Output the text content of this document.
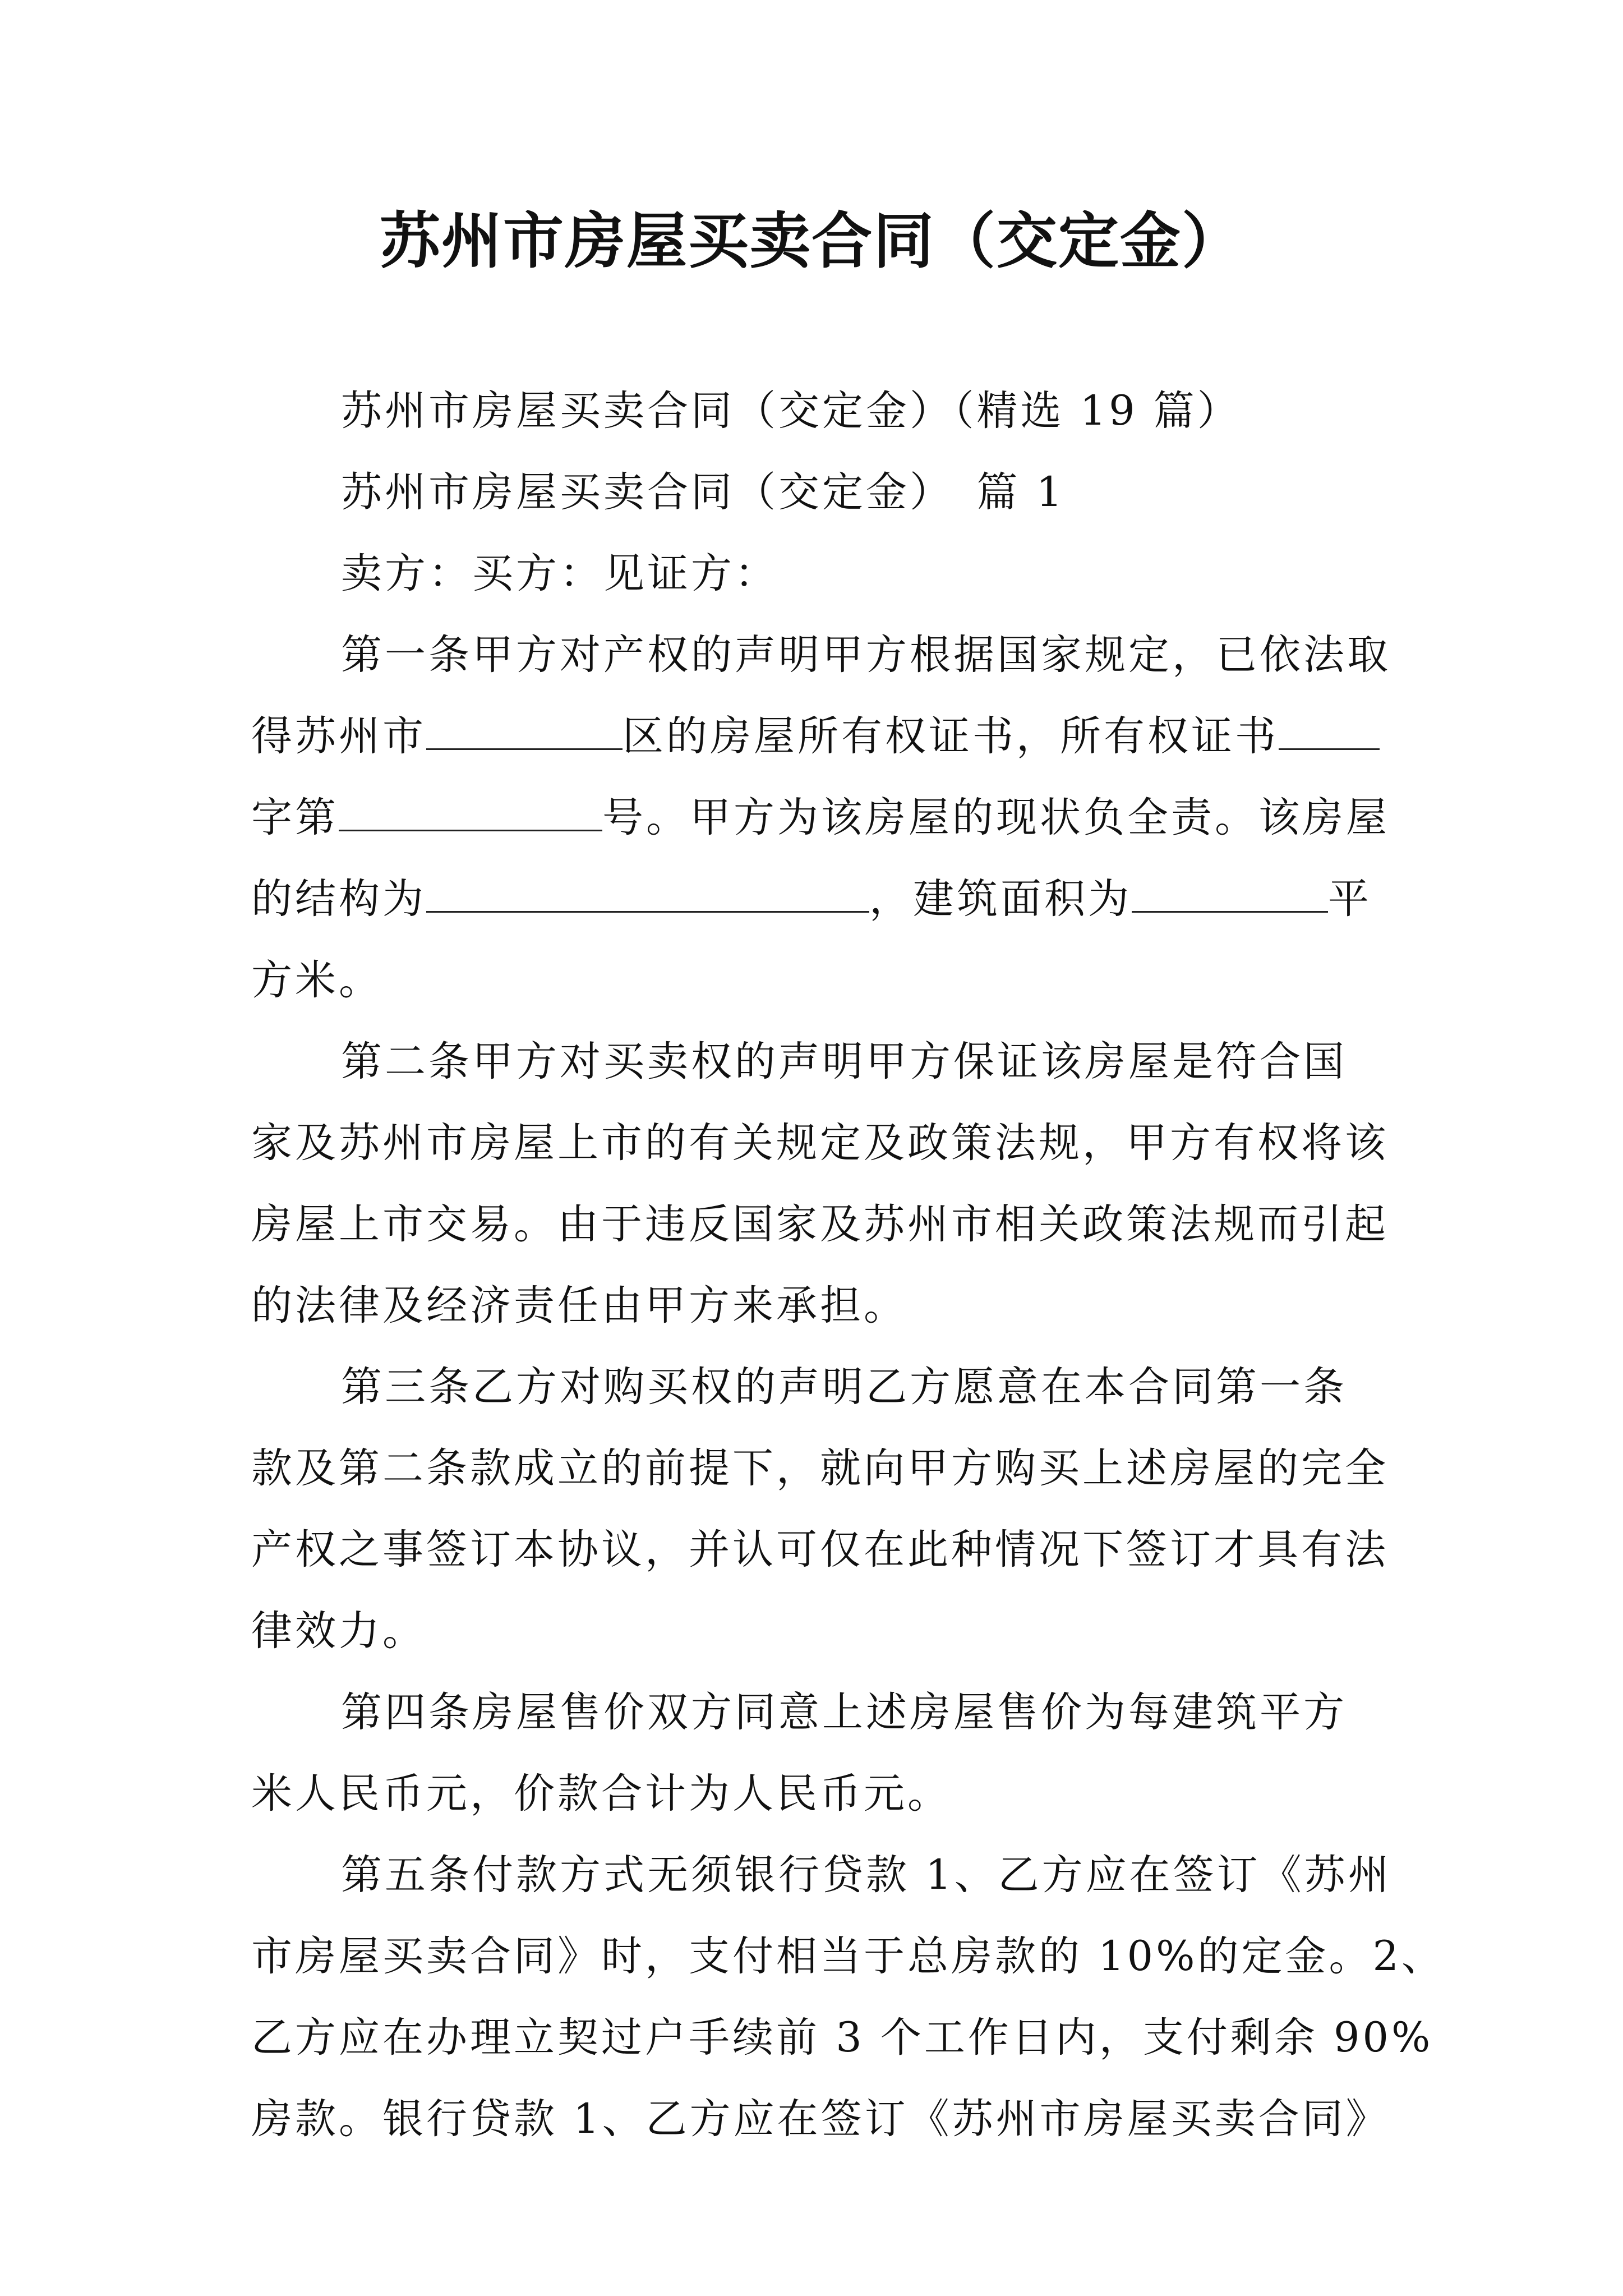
苏州市房屋买卖合同（交定金）

苏州市房屋买卖合同（交定金）（精选 19 篇）

苏州市房屋买卖合同（交定金）　篇 1

卖方：买方：见证方：

第一条甲方对产权的声明甲方根据国家规定，已依法取

得苏州市	区的房屋所有权证书，所有权证书

字第	号。甲方为该房屋的现状负全责。该房屋

的结构为	，建筑面积为	平

方米。

第二条甲方对买卖权的声明甲方保证该房屋是符合国

家及苏州市房屋上市的有关规定及政策法规，甲方有权将该

房屋上市交易。由于违反国家及苏州市相关政策法规而引起

的法律及经济责任由甲方来承担。

第三条乙方对购买权的声明乙方愿意在本合同第一条

款及第二条款成立的前提下，就向甲方购买上述房屋的完全

产权之事签订本协议，并认可仅在此种情况下签订才具有法

律效力。

第四条房屋售价双方同意上述房屋售价为每建筑平方

米人民币元，价款合计为人民币元。

第五条付款方式无须银行贷款 1、乙方应在签订《苏州

市房屋买卖合同》时，支付相当于总房款的 10%的定金。2、

乙方应在办理立契过户手续前 3 个工作日内，支付剩余 90%

房款。银行贷款 1、乙方应在签订《苏州市房屋买卖合同》
